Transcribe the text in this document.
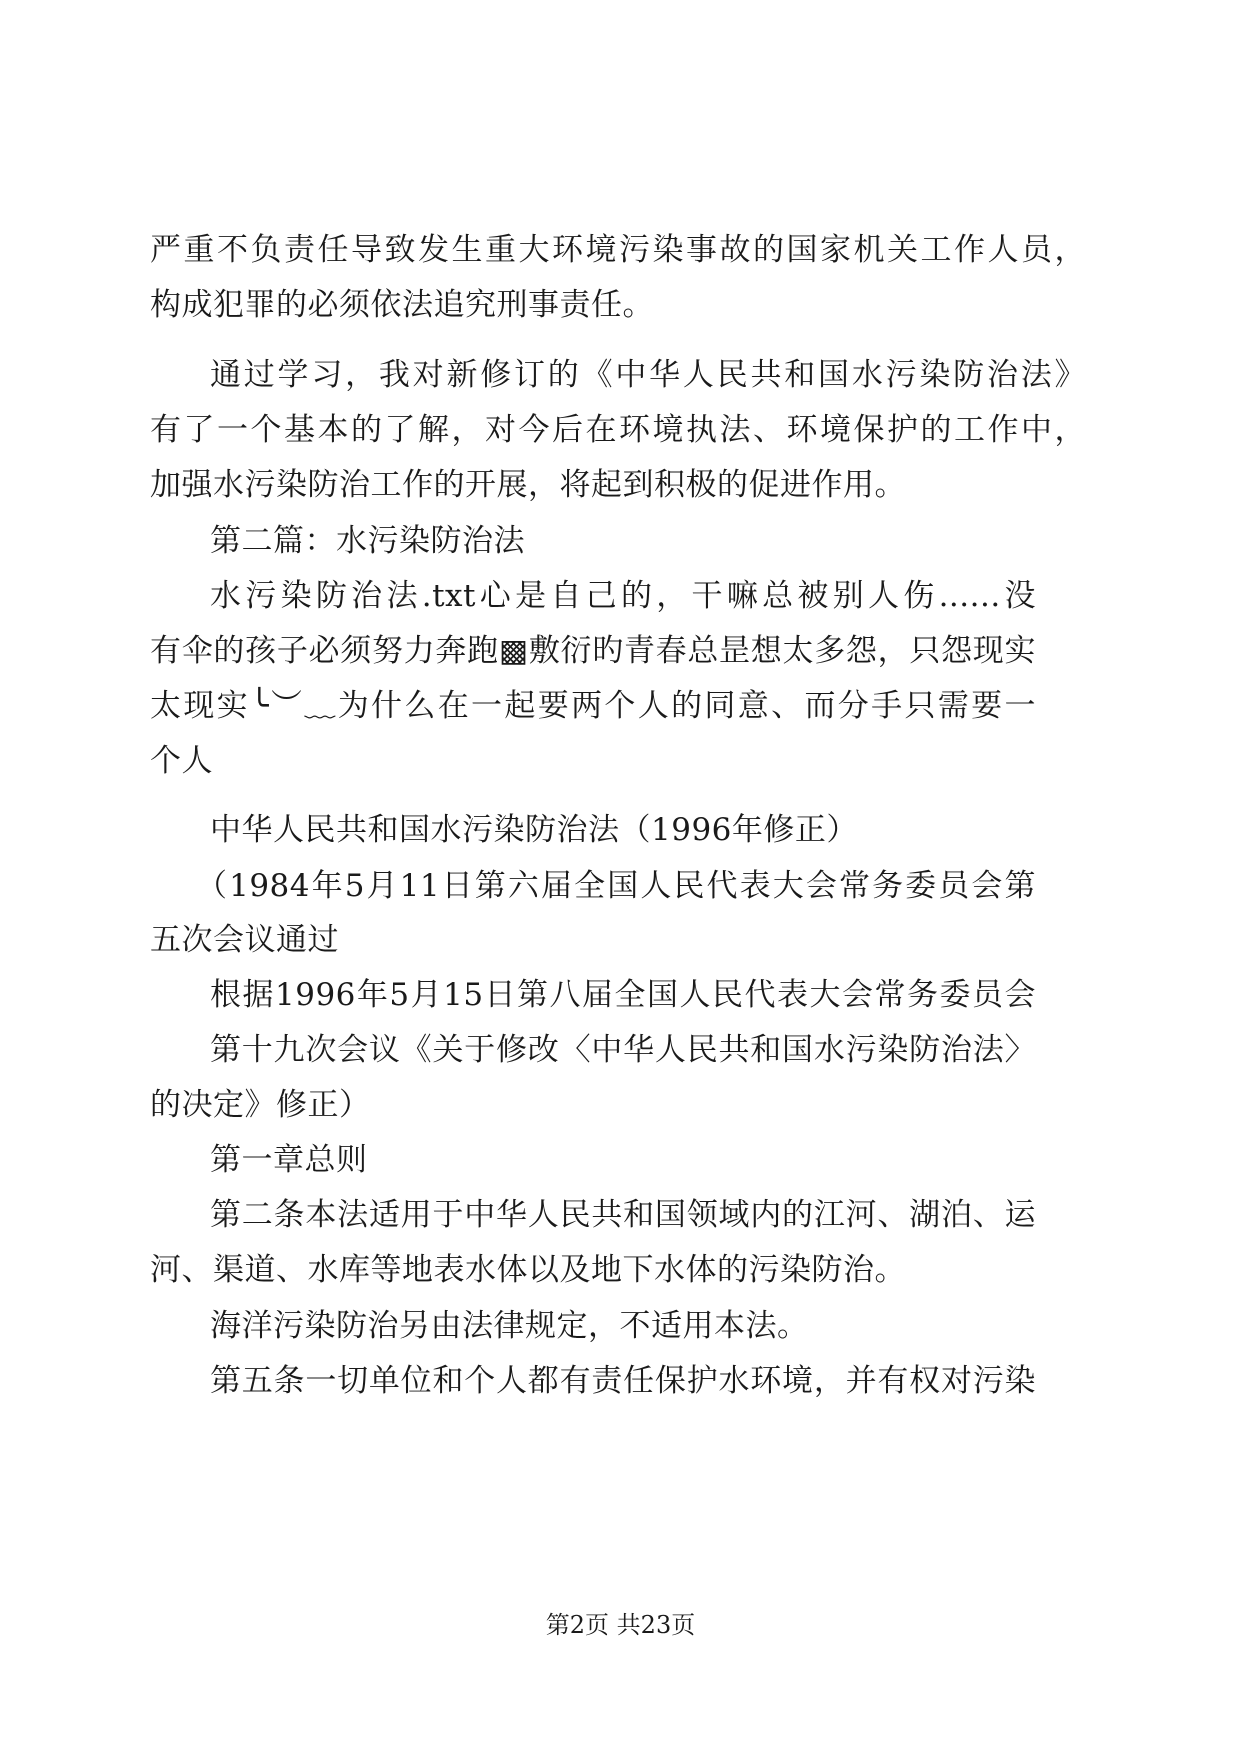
严重不负责任导致发生重大环境污染事故的国家机关工作人员，
构成犯罪的必须依法追究刑事责任。
通过学习，我对新修订的《中华人民共和国水污染防治法》
有了一个基本的了解，对今后在环境执法、环境保护的工作中，
加强水污染防治工作的开展，将起到积极的促进作用。
第二篇：水污染防治法
水污染防治法.txt心是自己的，干嘛总被别人伤......没
有伞的孩子必须努力奔跑▩敷衍旳青春总昰想太多怨，只怨现实
太现实╰︶﹏为什么在一起要两个人的同意、而分手只需要一
个人
中华人民共和国水污染防治法（1996年修正）
（1984年5月11日第六届全国人民代表大会常务委员会第
五次会议通过
根据1996年5月15日第八届全国人民代表大会常务委员会
第十九次会议《关于修改〈中华人民共和国水污染防治法〉
的决定》修正）
第一章总则
第二条本法适用于中华人民共和国领域内的江河、湖泊、运
河、渠道、水库等地表水体以及地下水体的污染防治。
海洋污染防治另由法律规定，不适用本法。
第五条一切单位和个人都有责任保护水环境，并有权对污染
第2页 共23页
